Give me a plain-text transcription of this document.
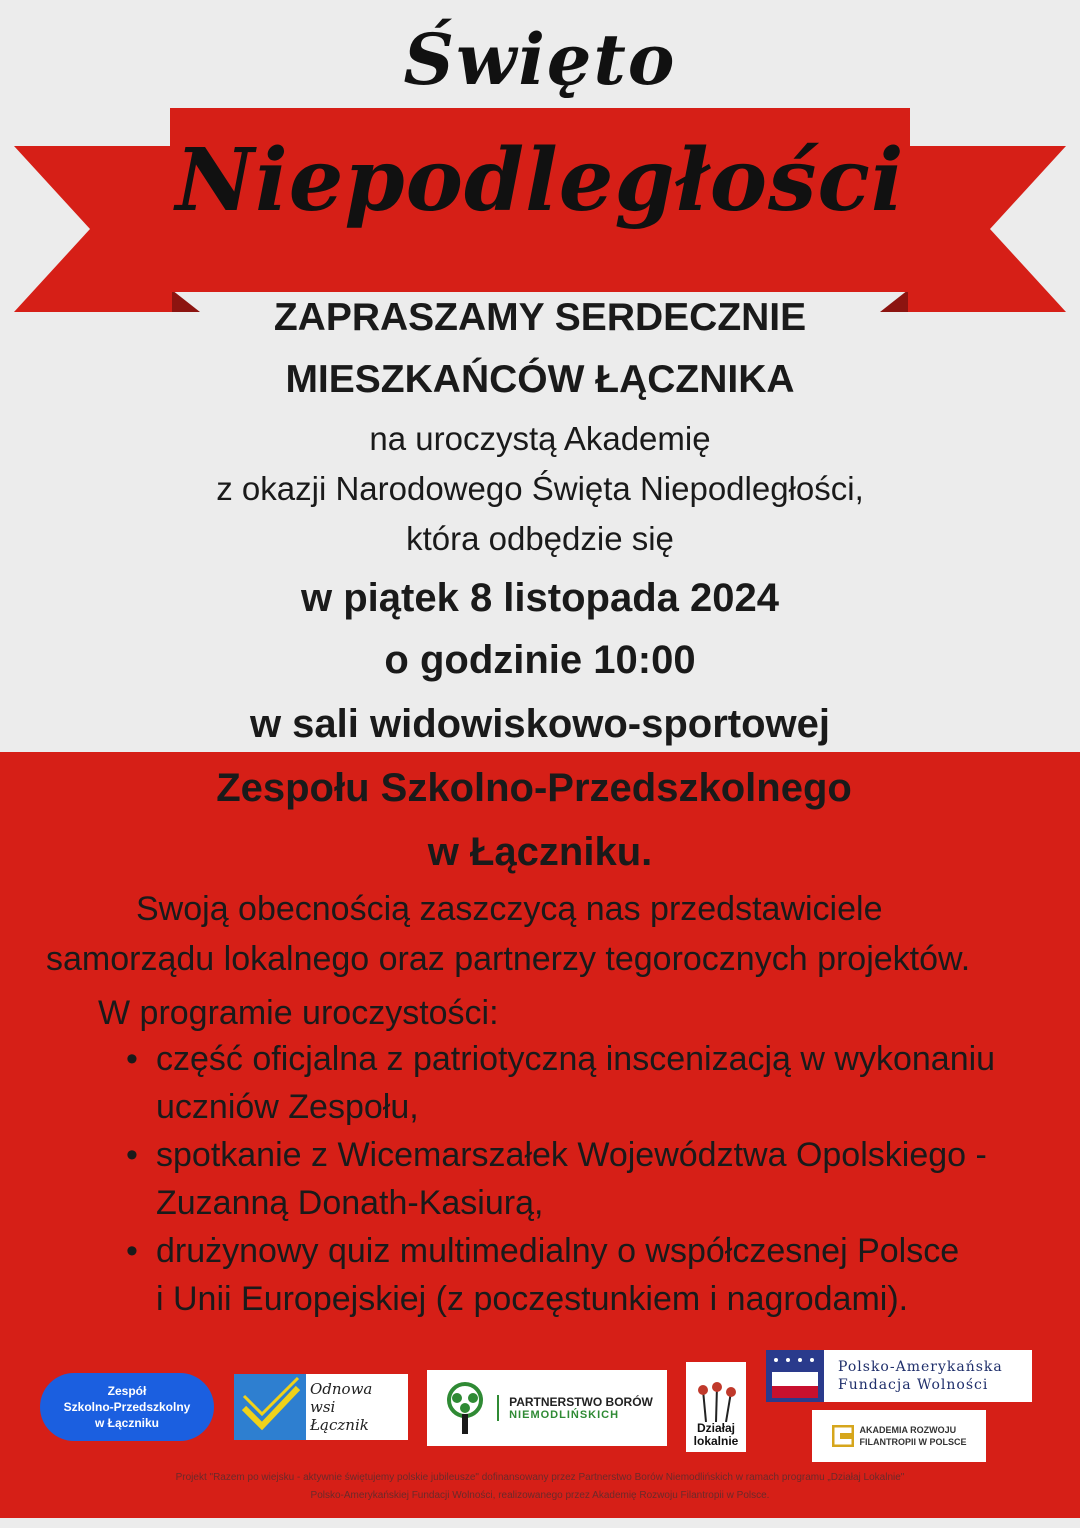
Święto
Niepodległości
ZAPRASZAMY SERDECZNIE
MIESZKAŃCÓW ŁĄCZNIKA
na uroczystą Akademię
z okazji Narodowego Święta Niepodległości,
która odbędzie się
w piątek 8 listopada 2024
o godzinie 10:00
w sali widowiskowo-sportowej
Zespołu Szkolno-Przedszkolnego
w Łączniku.
Swoją obecnością zaszczycą nas przedstawiciele
samorządu lokalnego oraz partnerzy tegorocznych projektów.
W programie uroczystości:
• część oficjalna z patriotyczną inscenizacją w wykonaniu
uczniów Zespołu,
• spotkanie z Wicemarszałek Województwa Opolskiego -
Zuzanną Donath-Kasiurą,
• drużynowy quiz multimedialny o współczesnej Polsce
i Unii Europejskiej (z poczęstunkiem i nagrodami).
Zespół
Szkolno-Przedszkolny
w Łączniku
Odnowa
wsi
Łącznik
PARTNERSTWO BORÓW
NIEMODLIŃSKICH
Działaj
lokalnie
Polsko-Amerykańska
Fundacja Wolności
AKADEMIA ROZWOJU
FILANTROPII W POLSCE
Projekt "Razem po wiejsku - aktywnie świętujemy polskie jubileusze" dofinansowany przez Partnerstwo Borów Niemodlińskich w ramach programu „Działaj Lokalnie"
Polsko-Amerykańskiej Fundacji Wolności, realizowanego przez Akademię Rozwoju Filantropii w Polsce.
